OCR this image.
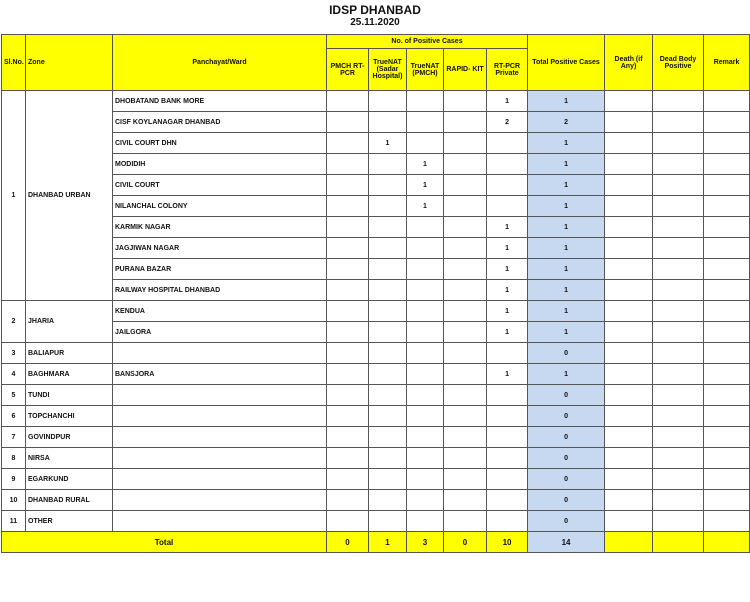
IDSP DHANBAD
25.11.2020
Sl.No.	Zone	Panchayat/Ward	No. of Positive Cases					Total Positive Cases	Death (if Any)	Dead Body Positive	Remark
			PMCH RT-PCR	TrueNAT (Sadar Hospital)	TrueNAT (PMCH)	RAPID- KIT	RT-PCR Private				
1	DHANBAD URBAN	DHOBATAND BANK MORE					1	1			
		CISF KOYLANAGAR DHANBAD					2	2			
		CIVIL COURT DHN		1				1			
		MODIDIH			1			1			
		CIVIL COURT			1			1			
		NILANCHAL COLONY			1			1			
		KARMIK NAGAR					1	1			
		JAGJIWAN NAGAR					1	1			
		PURANA BAZAR					1	1			
		RAILWAY HOSPITAL DHANBAD					1	1			
2	JHARIA	KENDUA					1	1			
		JAILGORA					1	1			
3	BALIAPUR							0			
4	BAGHMARA	BANSJORA					1	1			
5	TUNDI							0			
6	TOPCHANCHI							0			
7	GOVINDPUR							0			
8	NIRSA							0			
9	EGARKUND							0			
10	DHANBAD RURAL							0			
11	OTHER							0			
Total			0	1	3	0	10	14			
